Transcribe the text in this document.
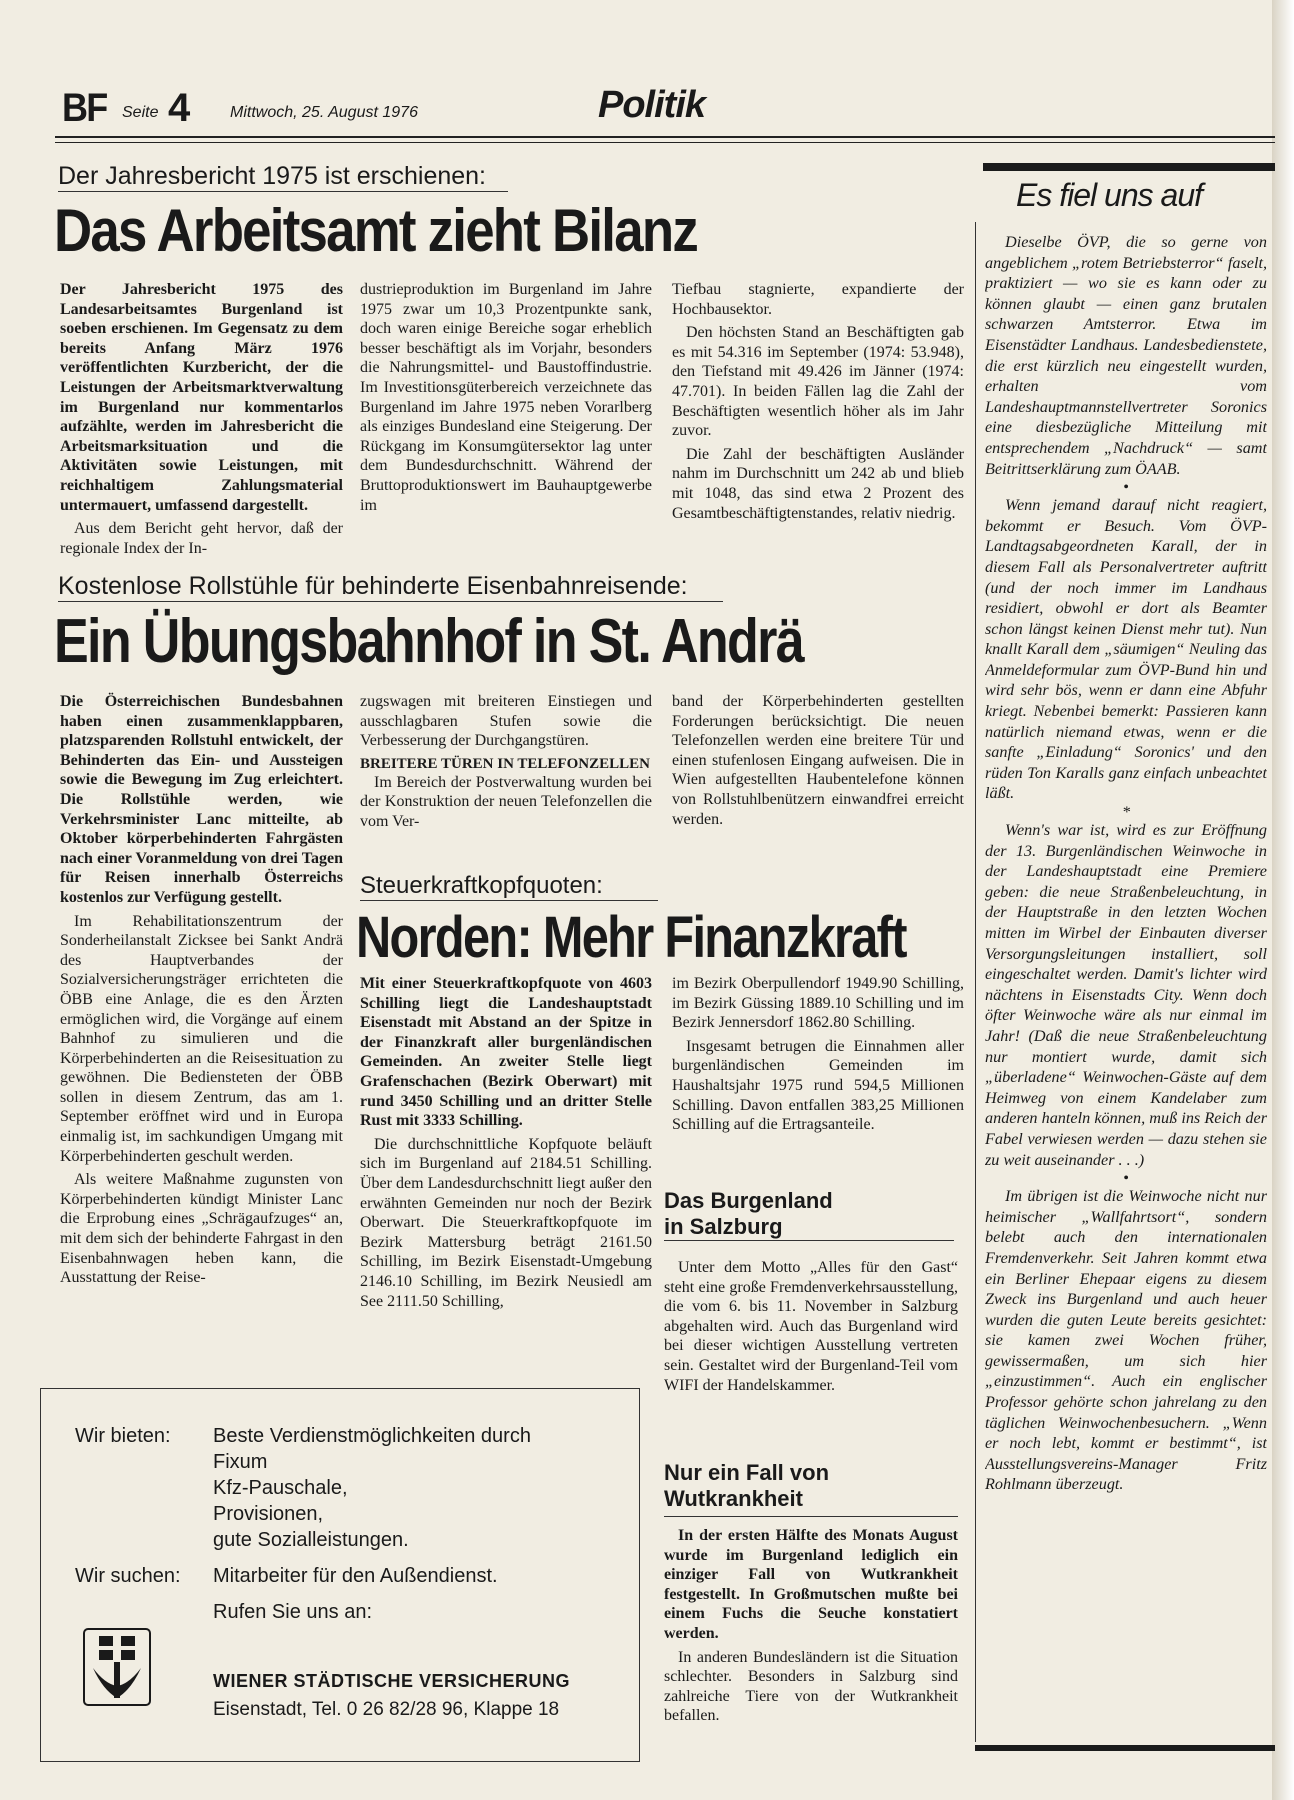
BF Seite 4 Mittwoch, 25. August 1976	Politik
Der Jahresbericht 1975 ist erschienen:
Das Arbeitsamt zieht Bilanz

Der Jahresbericht 1975 des Landesarbeitsamtes Burgenland ist soeben erschienen. Im Gegensatz zu dem bereits Anfang März 1976 veröffentlichten Kurzbericht, der die Leistungen der Arbeitsmarktverwaltung im Burgenland nur kommentarlos aufzählte, werden im Jahresbericht die Arbeitsmarksituation und die Aktivitäten sowie Leistungen, mit reichhaltigem Zahlungsmaterial untermauert, umfassend dargestellt.

Aus dem Bericht geht hervor, daß der regionale Index der In-

dustrieproduktion im Burgenland im Jahre 1975 zwar um 10,3 Prozentpunkte sank, doch waren einige Bereiche sogar erheblich besser beschäftigt als im Vorjahr, besonders die Nahrungsmittel- und Baustoffindustrie. Im Investitionsgüterbereich verzeichnete das Burgenland im Jahre 1975 neben Vorarlberg als einziges Bundesland eine Steigerung. Der Rückgang im Konsumgütersektor lag unter dem Bundesdurchschnitt. Während der Bruttoproduktionswert im Bauhauptgewerbe im

Tiefbau stagnierte, expandierte der Hochbausektor.

Den höchsten Stand an Beschäftigten gab es mit 54.316 im September (1974: 53.948), den Tiefstand mit 49.426 im Jänner (1974: 47.701). In beiden Fällen lag die Zahl der Beschäftigten wesentlich höher als im Jahr zuvor.

Die Zahl der beschäftigten Ausländer nahm im Durchschnitt um 242 ab und blieb mit 1048, das sind etwa 2 Prozent des Gesamtbeschäftigtenstandes, relativ niedrig.

Kostenlose Rollstühle für behinderte Eisenbahnreisende:
Ein Übungsbahnhof in St. Andrä

Die Österreichischen Bundesbahnen haben einen zusammenklappbaren, platzsparenden Rollstuhl entwickelt, der Behinderten das Ein- und Aussteigen sowie die Bewegung im Zug erleichtert. Die Rollstühle werden, wie Verkehrsminister Lanc mitteilte, ab Oktober körperbehinderten Fahrgästen nach einer Voranmeldung von drei Tagen für Reisen innerhalb Österreichs kostenlos zur Verfügung gestellt.

Im Rehabilitationszentrum der Sonderheilanstalt Zicksee bei Sankt Andrä des Hauptverbandes der Sozialversicherungsträger errichteten die ÖBB eine Anlage, die es den Ärzten ermöglichen wird, die Vorgänge auf einem Bahnhof zu simulieren und die Körperbehinderten an die Reisesituation zu gewöhnen. Die Bediensteten der ÖBB sollen in diesem Zentrum, das am 1. September eröffnet wird und in Europa einmalig ist, im sachkundigen Umgang mit Körperbehinderten geschult werden.

Als weitere Maßnahme zugunsten von Körperbehinderten kündigt Minister Lanc die Erprobung eines „Schrägaufzuges“ an, mit dem sich der behinderte Fahrgast in den Eisenbahnwagen heben kann, die Ausstattung der Reise-

zugswagen mit breiteren Einstiegen und ausschlagbaren Stufen sowie die Verbesserung der Durchgangstüren.

BREITERE TÜREN IN TELEFONZELLEN

Im Bereich der Postverwaltung wurden bei der Konstruktion der neuen Telefonzellen die vom Ver-

band der Körperbehinderten gestellten Forderungen berücksichtigt. Die neuen Telefonzellen werden eine breitere Tür und einen stufenlosen Eingang aufweisen. Die in Wien aufgestellten Haubentelefone können von Rollstuhlbenützern einwandfrei erreicht werden.

Steuerkraftkopfquoten:
Norden: Mehr Finanzkraft

Mit einer Steuerkraftkopfquote von 4603 Schilling liegt die Landeshauptstadt Eisenstadt mit Abstand an der Spitze in der Finanzkraft aller burgenländischen Gemeinden. An zweiter Stelle liegt Grafenschachen (Bezirk Oberwart) mit rund 3450 Schilling und an dritter Stelle Rust mit 3333 Schilling.

Die durchschnittliche Kopfquote beläuft sich im Burgenland auf 2184.51 Schilling. Über dem Landesdurchschnitt liegt außer den erwähnten Gemeinden nur noch der Bezirk Oberwart. Die Steuerkraftkopfquote im Bezirk Mattersburg beträgt 2161.50 Schilling, im Bezirk Eisenstadt-Umgebung 2146.10 Schilling, im Bezirk Neusiedl am See 2111.50 Schilling,

im Bezirk Oberpullendorf 1949.90 Schilling, im Bezirk Güssing 1889.10 Schilling und im Bezirk Jennersdorf 1862.80 Schilling.

Insgesamt betrugen die Einnahmen aller burgenländischen Gemeinden im Haushaltsjahr 1975 rund 594,5 Millionen Schilling. Davon entfallen 383,25 Millionen Schilling auf die Ertragsanteile.

Das Burgenland
in Salzburg

Unter dem Motto „Alles für den Gast“ steht eine große Fremdenverkehrsausstellung, die vom 6. bis 11. November in Salzburg abgehalten wird. Auch das Burgenland wird bei dieser wichtigen Ausstellung vertreten sein. Gestaltet wird der Burgenland-Teil vom WIFI der Handelskammer.

Nur ein Fall von
Wutkrankheit

In der ersten Hälfte des Monats August wurde im Burgenland lediglich ein einziger Fall von Wutkrankheit festgestellt. In Großmutschen mußte bei einem Fuchs die Seuche konstatiert werden.

In anderen Bundesländern ist die Situation schlechter. Besonders in Salzburg sind zahlreiche Tiere von der Wutkrankheit befallen.

Es fiel uns auf

Dieselbe ÖVP, die so gerne von angeblichem „rotem Betriebsterror“ faselt, praktiziert — wo sie es kann oder zu können glaubt — einen ganz brutalen schwarzen Amtsterror. Etwa im Eisenstädter Landhaus. Landesbedienstete, die erst kürzlich neu eingestellt wurden, erhalten vom Landeshauptmannstellvertreter Soronics eine diesbezügliche Mitteilung mit entsprechendem „Nachdruck“ — samt Beitrittserklärung zum ÖAAB.

•

Wenn jemand darauf nicht reagiert, bekommt er Besuch. Vom ÖVP-Landtagsabgeordneten Karall, der in diesem Fall als Personalvertreter auftritt (und der noch immer im Landhaus residiert, obwohl er dort als Beamter schon längst keinen Dienst mehr tut). Nun knallt Karall dem „säumigen“ Neuling das Anmeldeformular zum ÖVP-Bund hin und wird sehr bös, wenn er dann eine Abfuhr kriegt. Nebenbei bemerkt: Passieren kann natürlich niemand etwas, wenn er die sanfte „Einladung“ Soronics' und den rüden Ton Karalls ganz einfach unbeachtet läßt.

*

Wenn's war ist, wird es zur Eröffnung der 13. Burgenländischen Weinwoche in der Landeshauptstadt eine Premiere geben: die neue Straßenbeleuchtung, in der Hauptstraße in den letzten Wochen mitten im Wirbel der Einbauten diverser Versorgungsleitungen installiert, soll eingeschaltet werden. Damit's lichter wird nächtens in Eisenstadts City. Wenn doch öfter Weinwoche wäre als nur einmal im Jahr! (Daß die neue Straßenbeleuchtung nur montiert wurde, damit sich „überladene“ Weinwochen-Gäste auf dem Heimweg von einem Kandelaber zum anderen hanteln können, muß ins Reich der Fabel verwiesen werden — dazu stehen sie zu weit auseinander . . .)

•

Im übrigen ist die Weinwoche nicht nur heimischer „Wallfahrtsort“, sondern belebt auch den internationalen Fremdenverkehr. Seit Jahren kommt etwa ein Berliner Ehepaar eigens zu diesem Zweck ins Burgenland und auch heuer wurden die guten Leute bereits gesichtet: sie kamen zwei Wochen früher, gewissermaßen, um sich hier „einzustimmen“. Auch ein englischer Professor gehörte schon jahrelang zu den täglichen Weinwochenbesuchern. „Wenn er noch lebt, kommt er bestimmt“, ist Ausstellungsvereins-Manager Fritz Rohlmann überzeugt.

Wir bieten: Beste Verdienstmöglichkeiten durch
Fixum
Kfz-Pauschale,
Provisionen,
gute Sozialleistungen.
Wir suchen: Mitarbeiter für den Außendienst.
Rufen Sie uns an:
WIENER STÄDTISCHE VERSICHERUNG
Eisenstadt, Tel. 0 26 82/28 96, Klappe 18
